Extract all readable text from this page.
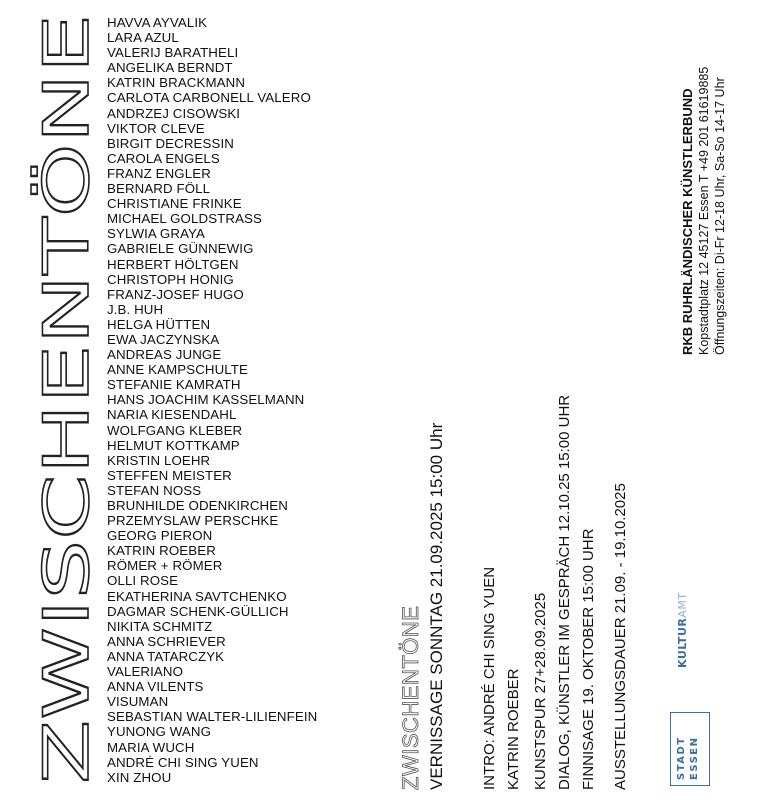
ZWISCHENTÖNE
HAVVA AYVALIK
LARA AZUL
VALERIJ BARATHELI
ANGELIKA BERNDT
KATRIN BRACKMANN
CARLOTA CARBONELL VALERO
ANDRZEJ CISOWSKI
VIKTOR CLEVE
BIRGIT DECRESSIN
CAROLA ENGELS
FRANZ ENGLER
BERNARD FÖLL
CHRISTIANE FRINKE
MICHAEL GOLDSTRASS
SYLWIA GRAYA
GABRIELE GÜNNEWIG
HERBERT HÖLTGEN
CHRISTOPH HONIG
FRANZ-JOSEF HUGO
J.B. HUH
HELGA HÜTTEN
EWA JACZYNSKA
ANDREAS JUNGE
ANNE KAMPSCHULTE
STEFANIE KAMRATH
HANS JOACHIM KASSELMANN
NARIA KIESENDAHL
WOLFGANG KLEBER
HELMUT KOTTKAMP
KRISTIN LOEHR
STEFFEN MEISTER
STEFAN NOSS
BRUNHILDE ODENKIRCHEN
PRZEMYSLAW PERSCHKE
GEORG PIERON
KATRIN ROEBER
RÖMER + RÖMER
OLLI ROSE
EKATHERINA SAVTCHENKO
DAGMAR SCHENK-GÜLLICH
NIKITA SCHMITZ
ANNA SCHRIEVER
ANNA TATARCZYK
VALERIANO
ANNA VILENTS
VISUMAN
SEBASTIAN WALTER-LILIENFEIN
YUNONG WANG
MARIA WUCH
ANDRÉ CHI SING YUEN
XIN ZHOU	ZWISCHENTÖNE VERNISSAGE SONNTAG 21.09.2025 15:00 Uhr INTRO: ANDRÉ CHI SING YUEN KATRIN ROEBER KUNSTSPUR 27+28.09.2025 DIALOG, KÜNSTLER IM GESPRÄCH 12.10.25 15:00 UHR FINNISAGE 19. OKTOBER 15:00 UHR AUSSTELLUNGSDAUER 21.09. - 19.10.2025
RKB RUHRLÄNDISCHER KÜNSTLERBUND Kopstadtplatz 12 45127 Essen T +49 201 61619885 Öffnungszeiten: Di-Fr 12-18 Uhr, Sa-So 14-17 Uhr
KULTURAMT
STADT ESSEN
